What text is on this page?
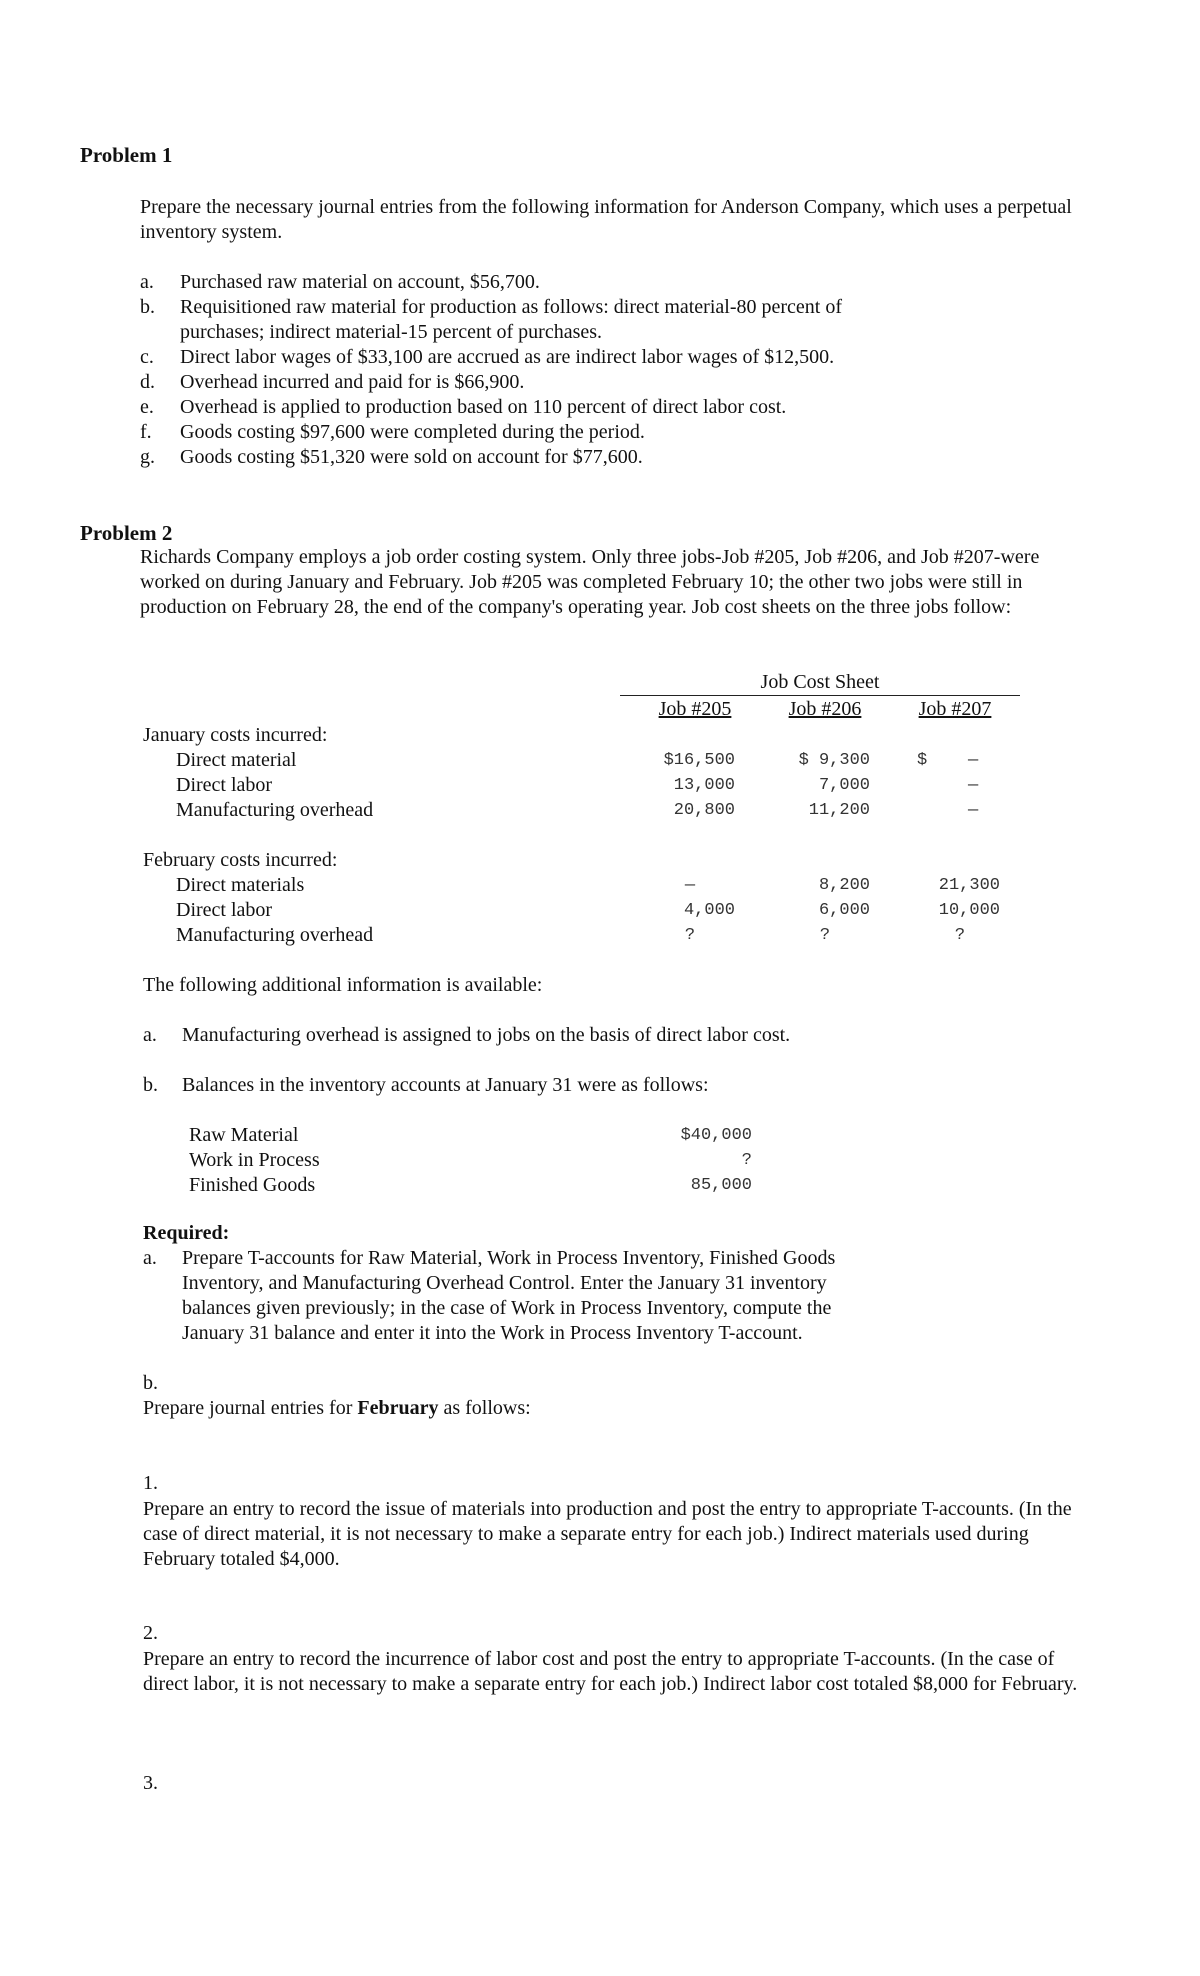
Problem 1
Prepare the necessary journal entries from the following information for Anderson Company, which uses a perpetual inventory system.
a. Purchased raw material on account, $56,700.
b. Requisitioned raw material for production as follows: direct material-80 percent of
purchases; indirect material-15 percent of purchases.
c. Direct labor wages of $33,100 are accrued as are indirect labor wages of $12,500.
d. Overhead incurred and paid for is $66,900.
e. Overhead is applied to production based on 110 percent of direct labor cost.
f. Goods costing $97,600 were completed during the period.
g. Goods costing $51,320 were sold on account for $77,600.
Problem 2
Richards Company employs a job order costing system. Only three jobs-Job #205, Job #206, and Job #207-were worked on during January and February. Job #205 was completed February 10; the other two jobs were still in production on February 28, the end of the company's operating year. Job cost sheets on the three jobs follow:
Job Cost Sheet
Job #205	Job #206	Job #207
January costs incurred:
Direct material	$16,500	$ 9,300	$ —
Direct labor	13,000	7,000	—
Manufacturing overhead	20,800	11,200	—
February costs incurred:
Direct materials	—	8,200	21,300
Direct labor	4,000	6,000	10,000
Manufacturing overhead	?	?	?
The following additional information is available:
a. Manufacturing overhead is assigned to jobs on the basis of direct labor cost.
b. Balances in the inventory accounts at January 31 were as follows:
Raw Material	$40,000
Work in Process	?
Finished Goods	85,000
Required:
a. Prepare T-accounts for Raw Material, Work in Process Inventory, Finished Goods
Inventory, and Manufacturing Overhead Control. Enter the January 31 inventory
balances given previously; in the case of Work in Process Inventory, compute the
January 31 balance and enter it into the Work in Process Inventory T-account.
b.
Prepare journal entries for February as follows:
1.
Prepare an entry to record the issue of materials into production and post the entry to appropriate T-accounts. (In the case of direct material, it is not necessary to make a separate entry for each job.) Indirect materials used during February totaled $4,000.
2.
Prepare an entry to record the incurrence of labor cost and post the entry to appropriate T-accounts. (In the case of direct labor, it is not necessary to make a separate entry for each job.) Indirect labor cost totaled $8,000 for February.
3.
